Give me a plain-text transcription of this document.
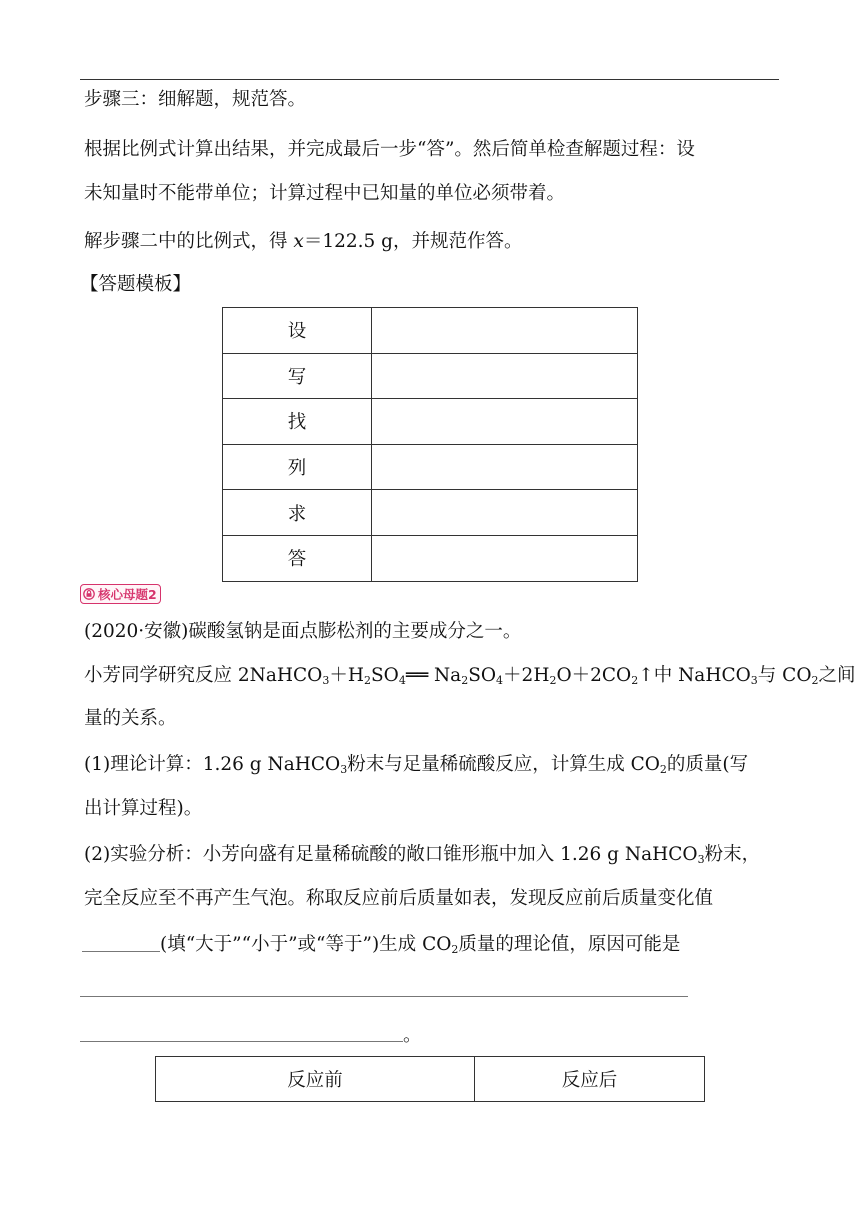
步骤三：细解题，规范答。
根据比例式计算出结果，并完成最后一步“答”。然后简单检查解题过程：设
未知量时不能带单位；计算过程中已知量的单位必须带着。
解步骤二中的比例式，得 x＝122.5 g，并规范作答。
【答题模板】
设	
写	
找	
列	
求	
答	
核心母题2
(2020·安徽)碳酸氢钠是面点膨松剂的主要成分之一。
小芳同学研究反应 $2NaHCO_3+H_2SO_4══$ $Na_2SO_4+2H_2O+2CO_2↑$中 NaHCO$_3$与 $CO_2$之间
量的关系。
(1)理论计算：1.26 g NaHCO$_3$粉末与足量稀硫酸反应，计算生成 $CO_2$的质量(写
出计算过程)。
(2)实验分析：小芳向盛有足量稀硫酸的敞口锥形瓶中加入 1.26 g NaHCO$_3$粉末，
完全反应至不再产生气泡。称取反应前后质量如表，发现反应前后质量变化值
(填“大于”“小于”或“等于”)生成 $CO_2$质量的理论值，原因可能是
。
反应前	反应后
